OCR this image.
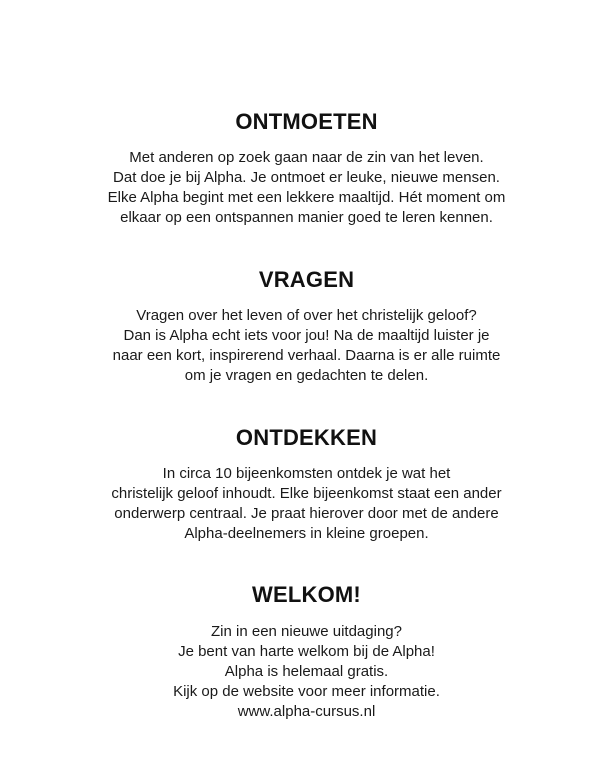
ONTMOETEN

Met anderen op zoek gaan naar de zin van het leven.

Dat doe je bij Alpha. Je ontmoet er leuke, nieuwe mensen.

Elke Alpha begint met een lekkere maaltijd. Hét moment om

elkaar op een ontspannen manier goed te leren kennen.

VRAGEN

Vragen over het leven of over het christelijk geloof?

Dan is Alpha echt iets voor jou! Na de maaltijd luister je

naar een kort, inspirerend verhaal. Daarna is er alle ruimte

om je vragen en gedachten te delen.

ONTDEKKEN

In circa 10 bijeenkomsten ontdek je wat het

christelijk geloof inhoudt. Elke bijeenkomst staat een ander

onderwerp centraal. Je praat hierover door met de andere

Alpha-deelnemers in kleine groepen.

WELKOM!

Zin in een nieuwe uitdaging?

Je bent van harte welkom bij de Alpha!

Alpha is helemaal gratis.

Kijk op de website voor meer informatie.

www.alpha-cursus.nl
